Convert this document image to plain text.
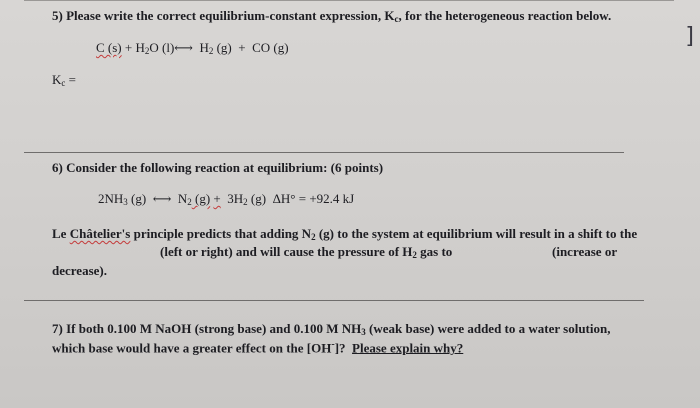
]
5) Please write the correct equilibrium-constant expression, $K_c$, for the heterogeneous reaction below.
C $(s) + H_2O$ (l)⟷ $H_2$ (g) + CO (g)
$K_c$ =
6) Consider the following reaction at equilibrium: (6 points)
$2NH_3$ (g) ⟷ $N_2$ $(g) + 3H_2$ (g) ΔH° = +92.4 kJ
Le Châtelier's principle predicts that adding $N_2$ (g) to the system at equilibrium will result in a shift to the
(left or right) and will cause the pressure of $H_2$ gas to	(increase or
decrease).
7) If both 0.100 M NaOH (strong base) and 0.100 M $NH_3$ (weak base) were added to a water solution,
which base would have a greater effect on the [OH-]? Please explain why?
